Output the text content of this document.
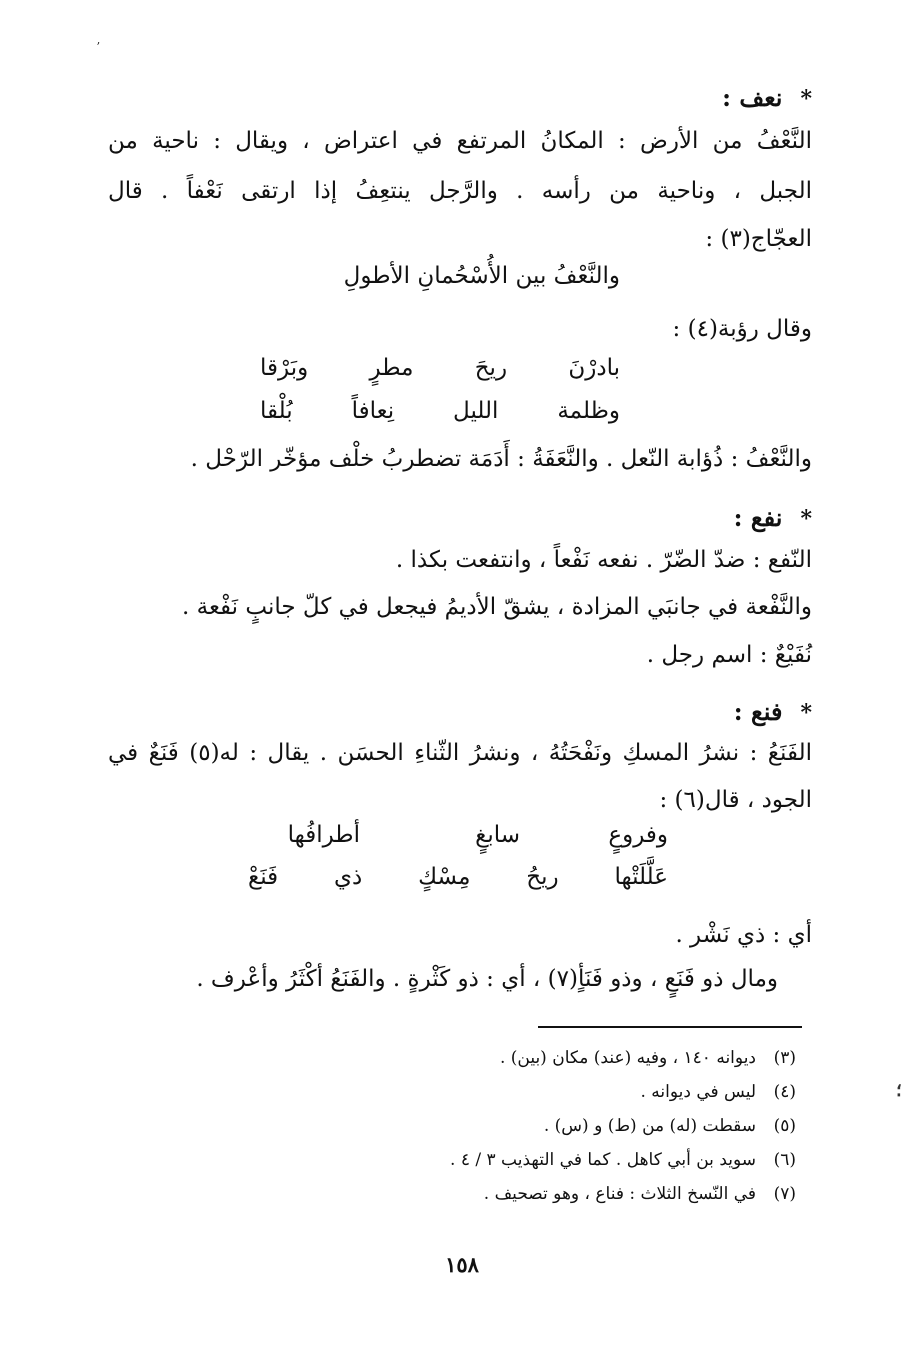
*نعف :
النَّعْفُ من الأرض : المكانُ المرتفع في اعتراض ، ويقال : ناحية من
الجبل ، وناحية من رأسه . والرَّجل ينتعِفُ إذا ارتقى نَعْفاً . قال
العجّاج(٣) :
والنَّعْفُ بين الأُسْحُمانِ الأطولِ
وقال رؤبة(٤) :
بادرْنَ ريحَ مطرٍ وبَرْقا
وظلمة الليل نِعافاً بُلْقا
والنَّعْفُ : ذُؤابة النّعل . والنَّعَفَةُ : أَدَمَة تضطربُ خلْف مؤخّر الرّحْل .
*نفع :
النّفع : ضدّ الضّرّ . نفعه نَفْعاً ، وانتفعت بكذا .
والنَّفْعة في جانبَي المزادة ، يشقّ الأديمُ فيجعل في كلّ جانبٍ نَفْعة .
نُفَيْعٌ : اسم رجل .
*فنع :
الفَنَعُ : نشرُ المسكِ ونَفْحَتُهُ ، ونشرُ الثّناءِ الحسَن . يقال : له(٥) فَنَعٌ في
الجود ، قال(٦) :
وفروعٍ
سابغٍ
أطرافُها
عَلَّلَتْها ريحُ مِسْكٍ ذي فَنَعْ
أي : ذي نَشْر .
ومال ذو فَنَعٍ ، وذو فَنَأٍ(٧) ، أي : ذو كَثْرةٍ . والفَنَعُ أكْثَرُ وأعْرف .
(٣)ديوانه ١٤٠ ، وفيه (عند) مكان (بين) .
(٤)ليس في ديوانه .
(٥)سقطت (له) من (ط) و (س) .
(٦)سويد بن أبي كاهل . كما في التهذيب ٣ / ٤ .
(٧)في النّسخ الثلاث : فناع ، وهو تصحيف .
١٥٨
ʼ
؛
